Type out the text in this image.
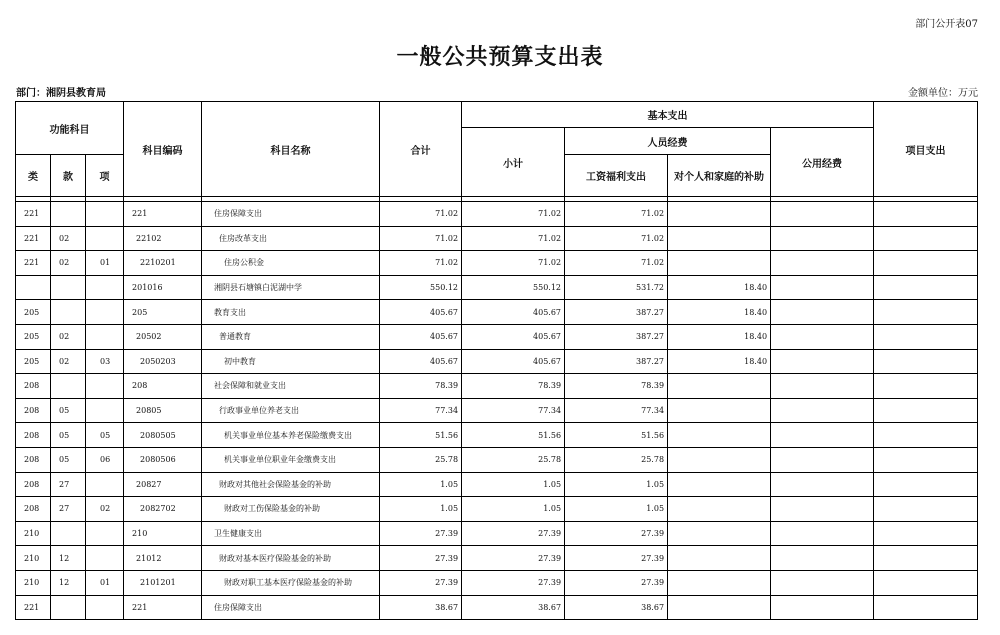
部门公开表07
一般公共预算支出表
部门：湘阴县教育局	金额单位：万元
功能科目			科目编码	科目名称	合计	基本支出				项目支出
						小计	人员经费		公用经费	
类	款	项					工资福利支出	对个人和家庭的补助		

221			221	住房保障支出	71.02	71.02	71.02			
221	02		22102	住房改革支出	71.02	71.02	71.02			
221	02	01	2210201	住房公积金	71.02	71.02	71.02			
			201016	湘阴县石塘镇白泥湖中学	550.12	550.12	531.72	18.40		
205			205	教育支出	405.67	405.67	387.27	18.40		
205	02		20502	普通教育	405.67	405.67	387.27	18.40		
205	02	03	2050203	初中教育	405.67	405.67	387.27	18.40		
208			208	社会保障和就业支出	78.39	78.39	78.39			
208	05		20805	行政事业单位养老支出	77.34	77.34	77.34			
208	05	05	2080505	机关事业单位基本养老保险缴费支出	51.56	51.56	51.56			
208	05	06	2080506	机关事业单位职业年金缴费支出	25.78	25.78	25.78			
208	27		20827	财政对其他社会保险基金的补助	1.05	1.05	1.05			
208	27	02	2082702	财政对工伤保险基金的补助	1.05	1.05	1.05			
210			210	卫生健康支出	27.39	27.39	27.39			
210	12		21012	财政对基本医疗保险基金的补助	27.39	27.39	27.39			
210	12	01	2101201	财政对职工基本医疗保险基金的补助	27.39	27.39	27.39			
221			221	住房保障支出	38.67	38.67	38.67			
